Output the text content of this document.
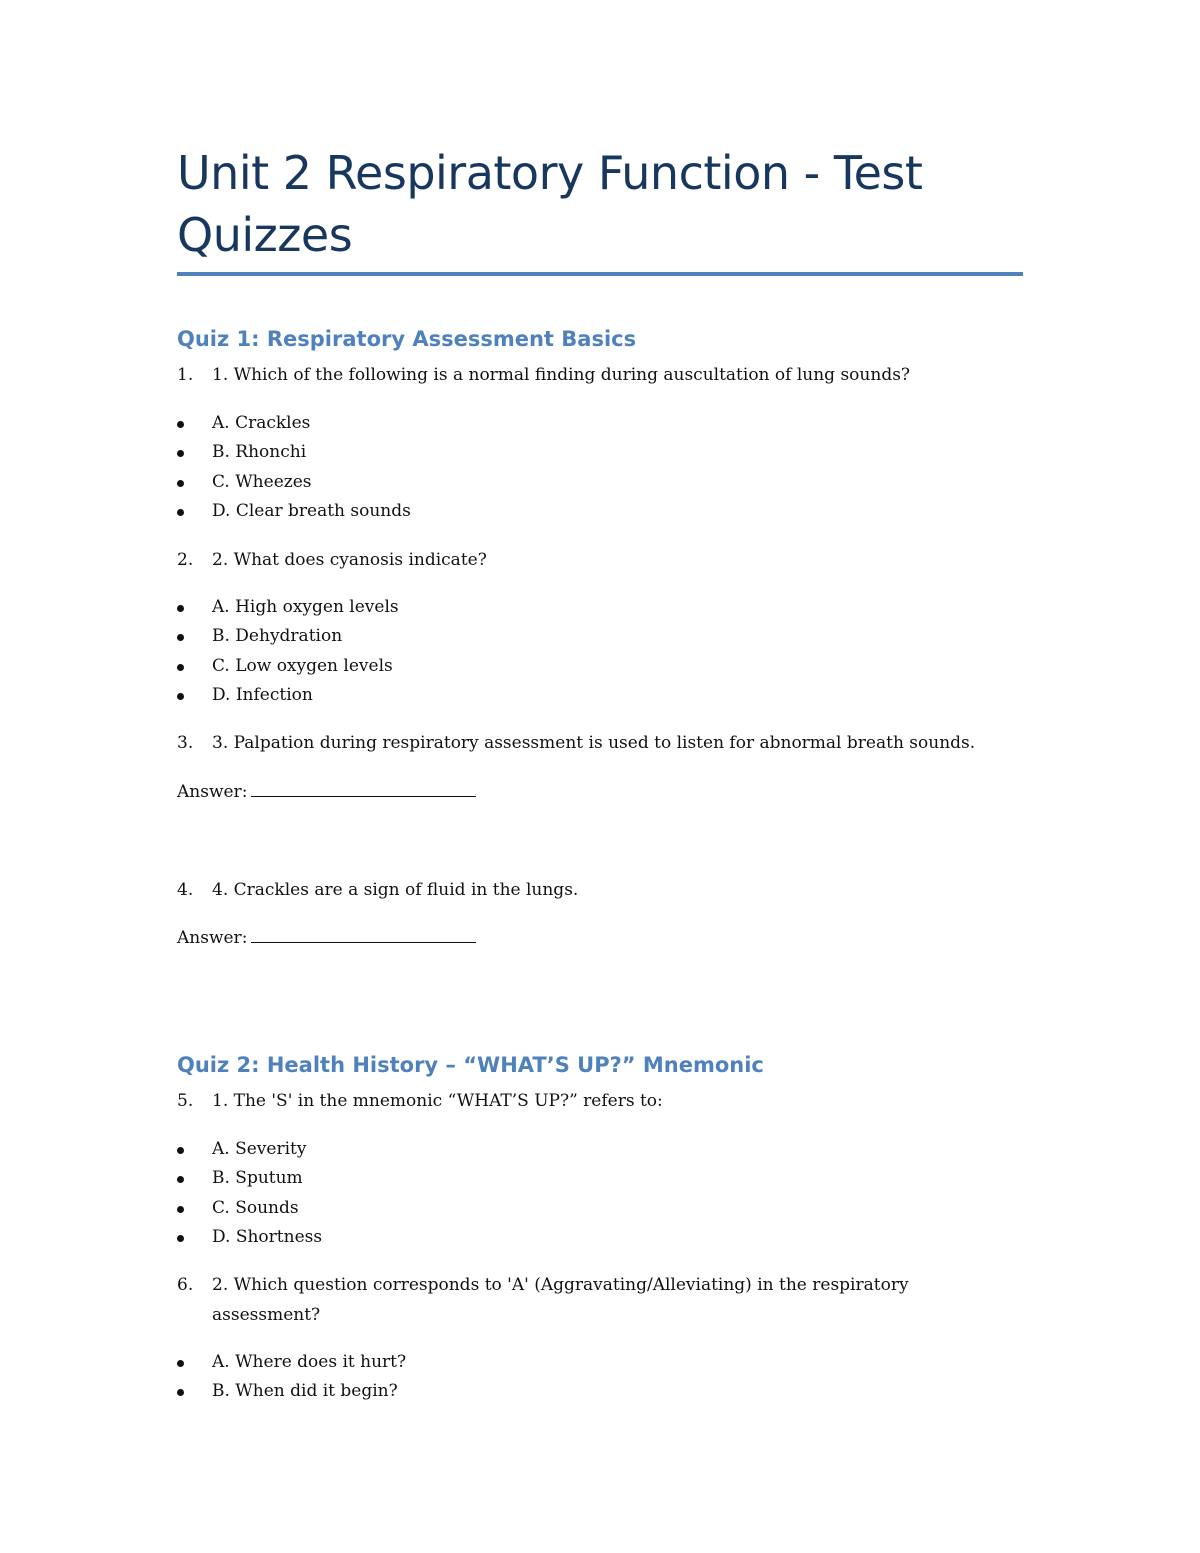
Unit 2 Respiratory Function - Test Quizzes
Quiz 1: Respiratory Assessment Basics
1. 1. Which of the following is a normal finding during auscultation of lung sounds?
A. Crackles
B. Rhonchi
C. Wheezes
D. Clear breath sounds
2. 2. What does cyanosis indicate?
A. High oxygen levels
B. Dehydration
C. Low oxygen levels
D. Infection
3. 3. Palpation during respiratory assessment is used to listen for abnormal breath sounds.
Answer:
4. 4. Crackles are a sign of fluid in the lungs.
Answer:
Quiz 2: Health History – “WHAT’S UP?” Mnemonic
5. 1. The 'S' in the mnemonic “WHAT’S UP?” refers to:
A. Severity
B. Sputum
C. Sounds
D. Shortness
6. 2. Which question corresponds to 'A' (Aggravating/Alleviating) in the respiratory assessment?
A. Where does it hurt?
B. When did it begin?
